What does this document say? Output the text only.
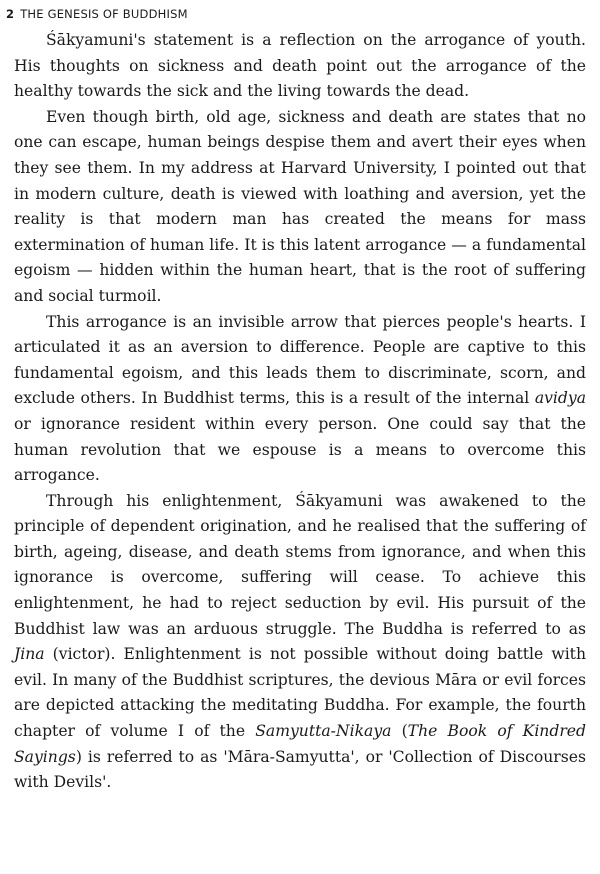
2 THE GENESIS OF BUDDHISM

Śākyamuni's statement is a reflection on the arrogance of youth. His thoughts on sickness and death point out the arrogance of the healthy towards the sick and the living towards the dead.

Even though birth, old age, sickness and death are states that no one can escape, human beings despise them and avert their eyes when they see them. In my address at Harvard University, I pointed out that in modern culture, death is viewed with loathing and aversion, yet the reality is that modern man has created the means for mass extermination of human life. It is this latent arrogance — a fundamental egoism — hidden within the human heart, that is the root of suffering and social turmoil.

This arrogance is an invisible arrow that pierces people's hearts. I articulated it as an aversion to difference. People are captive to this fundamental egoism, and this leads them to discriminate, scorn, and exclude others. In Buddhist terms, this is a result of the internal avidya or ignorance resident within every person. One could say that the human revolution that we espouse is a means to overcome this arrogance.

Through his enlightenment, Śākyamuni was awakened to the principle of dependent origination, and he realised that the suffering of birth, ageing, disease, and death stems from ignorance, and when this ignorance is overcome, suffering will cease. To achieve this enlightenment, he had to reject seduction by evil. His pursuit of the Buddhist law was an arduous struggle. The Buddha is referred to as Jina (victor). Enlightenment is not possible without doing battle with evil. In many of the Buddhist scriptures, the devious Māra or evil forces are depicted attacking the meditating Buddha. For example, the fourth chapter of volume I of the Samyutta-Nikaya (The Book of Kindred Sayings) is referred to as 'Māra-Samyutta', or 'Collection of Discourses with Devils'.
